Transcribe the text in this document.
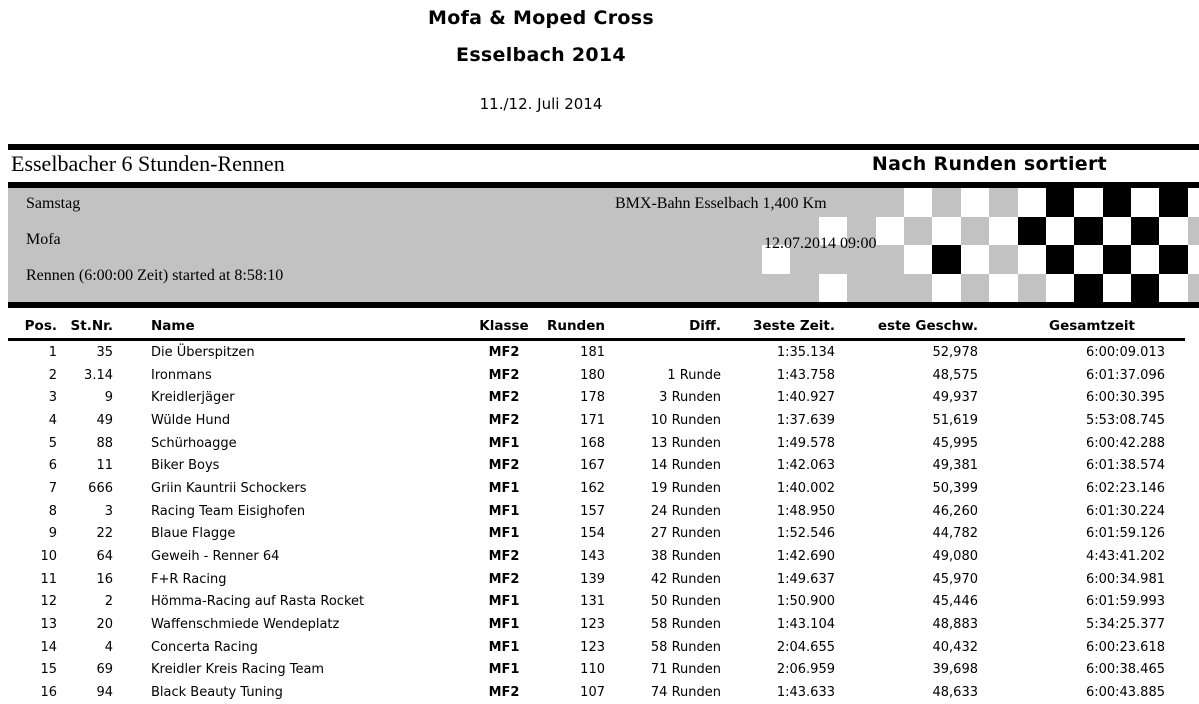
Mofa & Moped Cross
Esselbach 2014
11./12. Juli 2014
Esselbacher 6 Stunden-Rennen	Nach Runden sortiert
Samstag	BMX-Bahn Esselbach 1,400 Km
Mofa	12.07.2014 09:00
Rennen (6:00:00 Zeit) started at 8:58:10
Pos.	St.Nr.	Name	Klasse	Runden	Diff.	3este Zeit.	este Geschw.	Gesamtzeit
1	35	Die Überspitzen	MF2	181		1:35.134	52,978	6:00:09.013
2	3.14	Ironmans	MF2	180	1 Runde	1:43.758	48,575	6:01:37.096
3	9	Kreidlerjäger	MF2	178	3 Runden	1:40.927	49,937	6:00:30.395
4	49	Wülde Hund	MF2	171	10 Runden	1:37.639	51,619	5:53:08.745
5	88	Schürhoagge	MF1	168	13 Runden	1:49.578	45,995	6:00:42.288
6	11	Biker Boys	MF2	167	14 Runden	1:42.063	49,381	6:01:38.574
7	666	Griin Kauntrii Schockers	MF1	162	19 Runden	1:40.002	50,399	6:02:23.146
8	3	Racing Team Eisighofen	MF1	157	24 Runden	1:48.950	46,260	6:01:30.224
9	22	Blaue Flagge	MF1	154	27 Runden	1:52.546	44,782	6:01:59.126
10	64	Geweih - Renner 64	MF2	143	38 Runden	1:42.690	49,080	4:43:41.202
11	16	F+R Racing	MF2	139	42 Runden	1:49.637	45,970	6:00:34.981
12	2	Hömma-Racing auf Rasta Rocket	MF1	131	50 Runden	1:50.900	45,446	6:01:59.993
13	20	Waffenschmiede Wendeplatz	MF1	123	58 Runden	1:43.104	48,883	5:34:25.377
14	4	Concerta Racing	MF1	123	58 Runden	2:04.655	40,432	6:00:23.618
15	69	Kreidler Kreis Racing Team	MF1	110	71 Runden	2:06.959	39,698	6:00:38.465
16	94	Black Beauty Tuning	MF2	107	74 Runden	1:43.633	48,633	6:00:43.885
